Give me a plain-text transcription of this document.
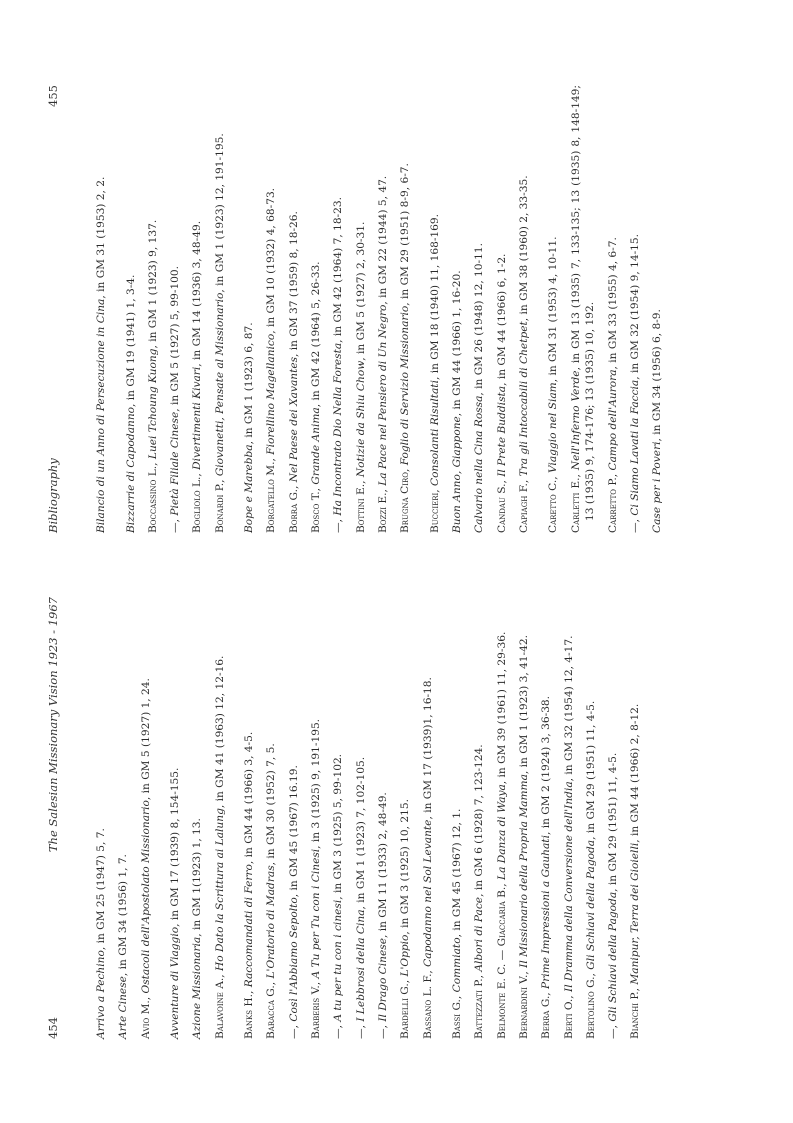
454
The Salesian Missionary Vision 1923 - 1967

Arrivo a Pechino, in GM 25 (1947) 5, 7.

Arte Cinese, in GM 34 (1956) 1, 7.

Avio M., Ostacoli dell'Apostolato Missionario, in GM 5 (1927) 1, 24.

Avventure di Viaggio, in GM 17 (1939) 8, 154-155.

Azione Missionaria, in GM 1(1923) 1, 13.

Balavoine A., Ho Dato la Scrittura ai Lalung, in GM 41 (1963) 12, 12-16.

Banks H., Raccomandati di Ferro, in GM 44 (1966) 3, 4-5.

Baracca G., L'Oratorio di Madras, in GM 30 (1952) 7, 5.

—, Così l'Abbiamo Sepolto, in GM 45 (1967) 16.19.

Barberis V., A Tu per Tu con i Cinesi, in 3 (1925) 9, 191-195.

—, A tu per tu con i cinesi, in GM 3 (1925) 5, 99-102.

—, I Lebbrosi della Cina, in GM 1 (1923) 7, 102-105.

—, Il Drago Cinese, in GM 11 (1933) 2, 48-49.

Bardelli G., L'Oppio, in GM 3 (1925) 10, 215.

Bassano L. F., Capodanno nel Sol Levante, in GM 17 (1939)1, 16-18.

Bassi G., Commiato, in GM 45 (1967) 12, 1.

Battezzati P., Albori di Pace, in GM 6 (1928) 7, 123-124.

Belmonte E. C. — Giaccaria B., La Danza di Waya, in GM 39 (1961) 11, 29-36.

Bernardini V., Il Missionario della Propria Mamma, in GM 1 (1923) 3, 41-42.

Berra G., Prime Impressioni a Gauhati, in GM 2 (1924) 3, 36-38.

Berti O., Il Dramma della Conversione dell'India, in GM 32 (1954) 12, 4-17.

Bertolino G., Gli Schiavi della Pagoda, in GM 29 (1951) 11, 4-5.

—, Gli Schiavi della Pagoda, in GM 29 (1951) 11, 4-5.

Bianchi P., Manipur, Terra dei Gioielli, in GM 44 (1966) 2, 8-12.

Bibliography
455

Bilancio di un Anno di Persecuzione in Cina, in GM 31 (1953) 2, 2.

Bizzarrie di Capodanno, in GM 19 (1941) 1, 3-4.

Boccassino L., Luei Tchoung Kuong, in GM 1 (1923) 9, 137.

—, Pietà Filiale Cinese, in GM 5 (1927) 5, 99-100.

Bogliolo L., Divertimenti Kivari, in GM 14 (1936) 3, 48-49.

Bonardi P., Giovanetti, Pensate al Missionario, in GM 1 (1923) 12, 191-195.

Bope e Marebba, in GM 1 (1923) 6, 87.

Borgatello M., Fiorellino Magellanico, in GM 10 (1932) 4, 68-73.

Borra G., Nel Paese dei Xavantes, in GM 37 (1959) 8, 18-26.

Bosco T., Grande Anima, in GM 42 (1964) 5, 26-33.

—, Ha Incontrato Dio Nella Foresta, in GM 42 (1964) 7, 18-23.

Bottini E., Notizie da Shiu Chow, in GM 5 (1927) 2, 30-31.

Bozzi E., La Pace nel Pensiero di Un Negro, in GM 22 (1944) 5, 47.

Brugna Ciro, Foglio di Servizio Missionario, in GM 29 (1951) 8-9, 6-7.

Buccieri, Consolanti Risultati, in GM 18 (1940) 11, 168-169.

Buon Anno, Giappone, in GM 44 (1966) 1, 16-20.

Calvario nella Cina Rossa, in GM 26 (1948) 12, 10-11.

Candau S., Il Prete Buddista, in GM 44 (1966) 6, 1-2.

Capiagh F., Tra gli Intoccabili di Chetpet, in GM 38 (1960) 2, 33-35.

Caretto C., Viaggio nel Siam, in GM 31 (1953) 4, 10-11.

Carletti E., Nell'Inferno Verde, in GM 13 (1935) 7, 133-135; 13 (1935) 8, 148-149; 13 (1935) 9, 174-176; 13 (1935) 10, 192. Carretto P., Campo dell'Aurora, in GM 33 (1955) 4, 6-7.

—, Ci Siamo Lavati la Faccia, in GM 32 (1954) 9, 14-15.

Case per i Poveri, in GM 34 (1956) 6, 8-9.
